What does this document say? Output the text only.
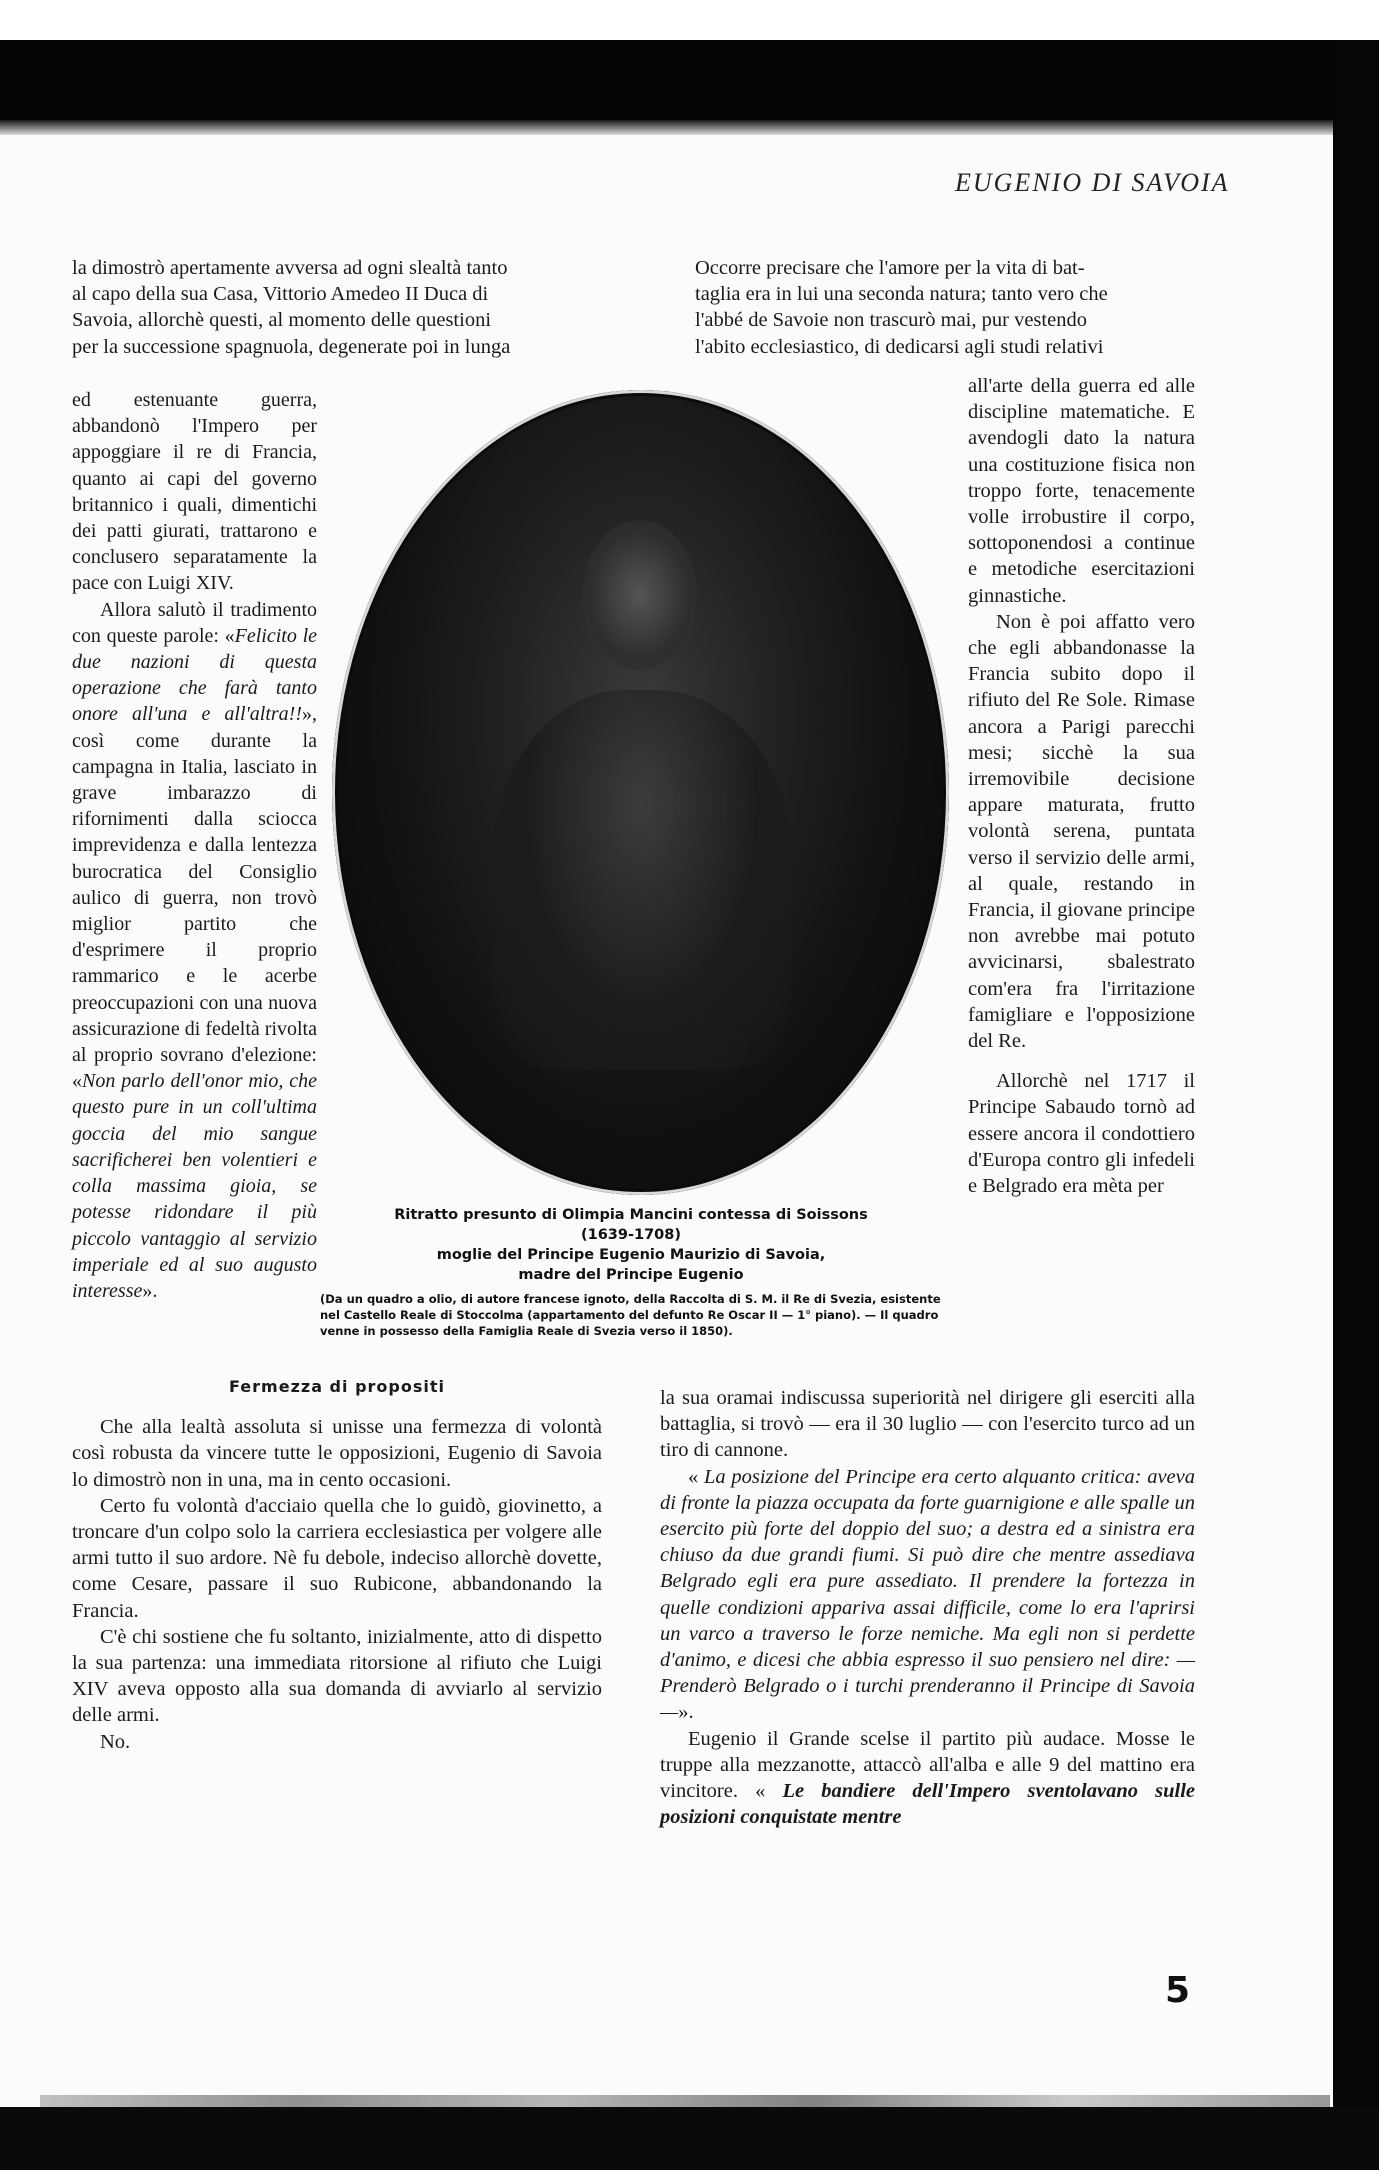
EUGENIO DI SAVOIA

la dimostrò apertamente avversa ad ogni slealtà tanto

al capo della sua Casa, Vittorio Amedeo II Duca di

Savoia, allorchè questi, al momento delle questioni

per la successione spagnuola, degenerate poi in lunga

Occorre precisare che l'amore per la vita di bat-

taglia era in lui una seconda natura; tanto vero che

l'abbé de Savoie non trascurò mai, pur vestendo

l'abito ecclesiastico, di dedicarsi agli studi relativi

ed estenuante guerra, abbandonò l'Impero per appoggiare il re di Francia, quanto ai capi del governo britannico i quali, dimentichi dei patti giurati, trattarono e conclusero separatamente la pace con Luigi XIV.

Allora salutò il tradimento con queste parole: «Felicito le due nazioni di questa operazione che farà tanto onore all'una e all'altra!!», così come durante la campagna in Italia, lasciato in grave imbarazzo di rifornimenti dalla sciocca imprevidenza e dalla lentezza burocratica del Consiglio aulico di guerra, non trovò miglior partito che d'esprimere il proprio rammarico e le acerbe preoccupazioni con una nuova assicurazione di fedeltà rivolta al proprio sovrano d'elezione: «Non parlo dell'onor mio, che questo pure in un coll'ultima goccia del mio sangue sacrificherei ben volentieri e colla massima gioia, se potesse ridondare il più piccolo vantaggio al servizio imperiale ed al suo augusto interesse».

Ritratto presunto di Olimpia Mancini contessa di Soissons
(1639-1708)
moglie del Principe Eugenio Maurizio di Savoia,
madre del Principe Eugenio
(Da un quadro a olio, di autore francese ignoto, della Raccolta di S. M. il Re di Svezia, esistente nel Castello Reale di Stoccolma (appartamento del defunto Re Oscar II — 1° piano). — Il quadro venne in possesso della Famiglia Reale di Svezia verso il 1850).

all'arte della guerra ed alle discipline matematiche. E avendogli dato la natura una costituzione fisica non troppo forte, tenacemente volle irrobustire il corpo, sottoponendosi a continue e metodiche esercitazioni ginnastiche.

Non è poi affatto vero che egli abbandonasse la Francia subito dopo il rifiuto del Re Sole. Rimase ancora a Parigi parecchi mesi; sicchè la sua irremovibile decisione appare maturata, frutto volontà serena, puntata verso il servizio delle armi, al quale, restando in Francia, il giovane principe non avrebbe mai potuto avvicinarsi, sbalestrato com'era fra l'irritazione famigliare e l'opposizione del Re.

Allorchè nel 1717 il Principe Sabaudo tornò ad essere ancora il condottiero d'Europa contro gli infedeli e Belgrado era mèta per

Fermezza di propositi

Che alla lealtà assoluta si unisse una fermezza di volontà così robusta da vincere tutte le opposizioni, Eugenio di Savoia lo dimostrò non in una, ma in cento occasioni.

Certo fu volontà d'acciaio quella che lo guidò, giovinetto, a troncare d'un colpo solo la carriera ecclesiastica per volgere alle armi tutto il suo ardore. Nè fu debole, indeciso allorchè dovette, come Cesare, passare il suo Rubicone, abbandonando la Francia.

C'è chi sostiene che fu soltanto, inizialmente, atto di dispetto la sua partenza: una immediata ritorsione al rifiuto che Luigi XIV aveva opposto alla sua domanda di avviarlo al servizio delle armi.

No.

la sua oramai indiscussa superiorità nel dirigere gli eserciti alla battaglia, si trovò — era il 30 luglio — con l'esercito turco ad un tiro di cannone.

« La posizione del Principe era certo alquanto critica: aveva di fronte la piazza occupata da forte guarnigione e alle spalle un esercito più forte del doppio del suo; a destra ed a sinistra era chiuso da due grandi fiumi. Si può dire che mentre assediava Belgrado egli era pure assediato. Il prendere la fortezza in quelle condizioni appariva assai difficile, come lo era l'aprirsi un varco a traverso le forze nemiche. Ma egli non si perdette d'animo, e dicesi che abbia espresso il suo pensiero nel dire: — Prenderò Belgrado o i turchi prenderanno il Principe di Savoia —».

Eugenio il Grande scelse il partito più audace. Mosse le truppe alla mezzanotte, attaccò all'alba e alle 9 del mattino era vincitore. « Le bandiere dell'Impero sventolavano sulle posizioni conquistate mentre

5
